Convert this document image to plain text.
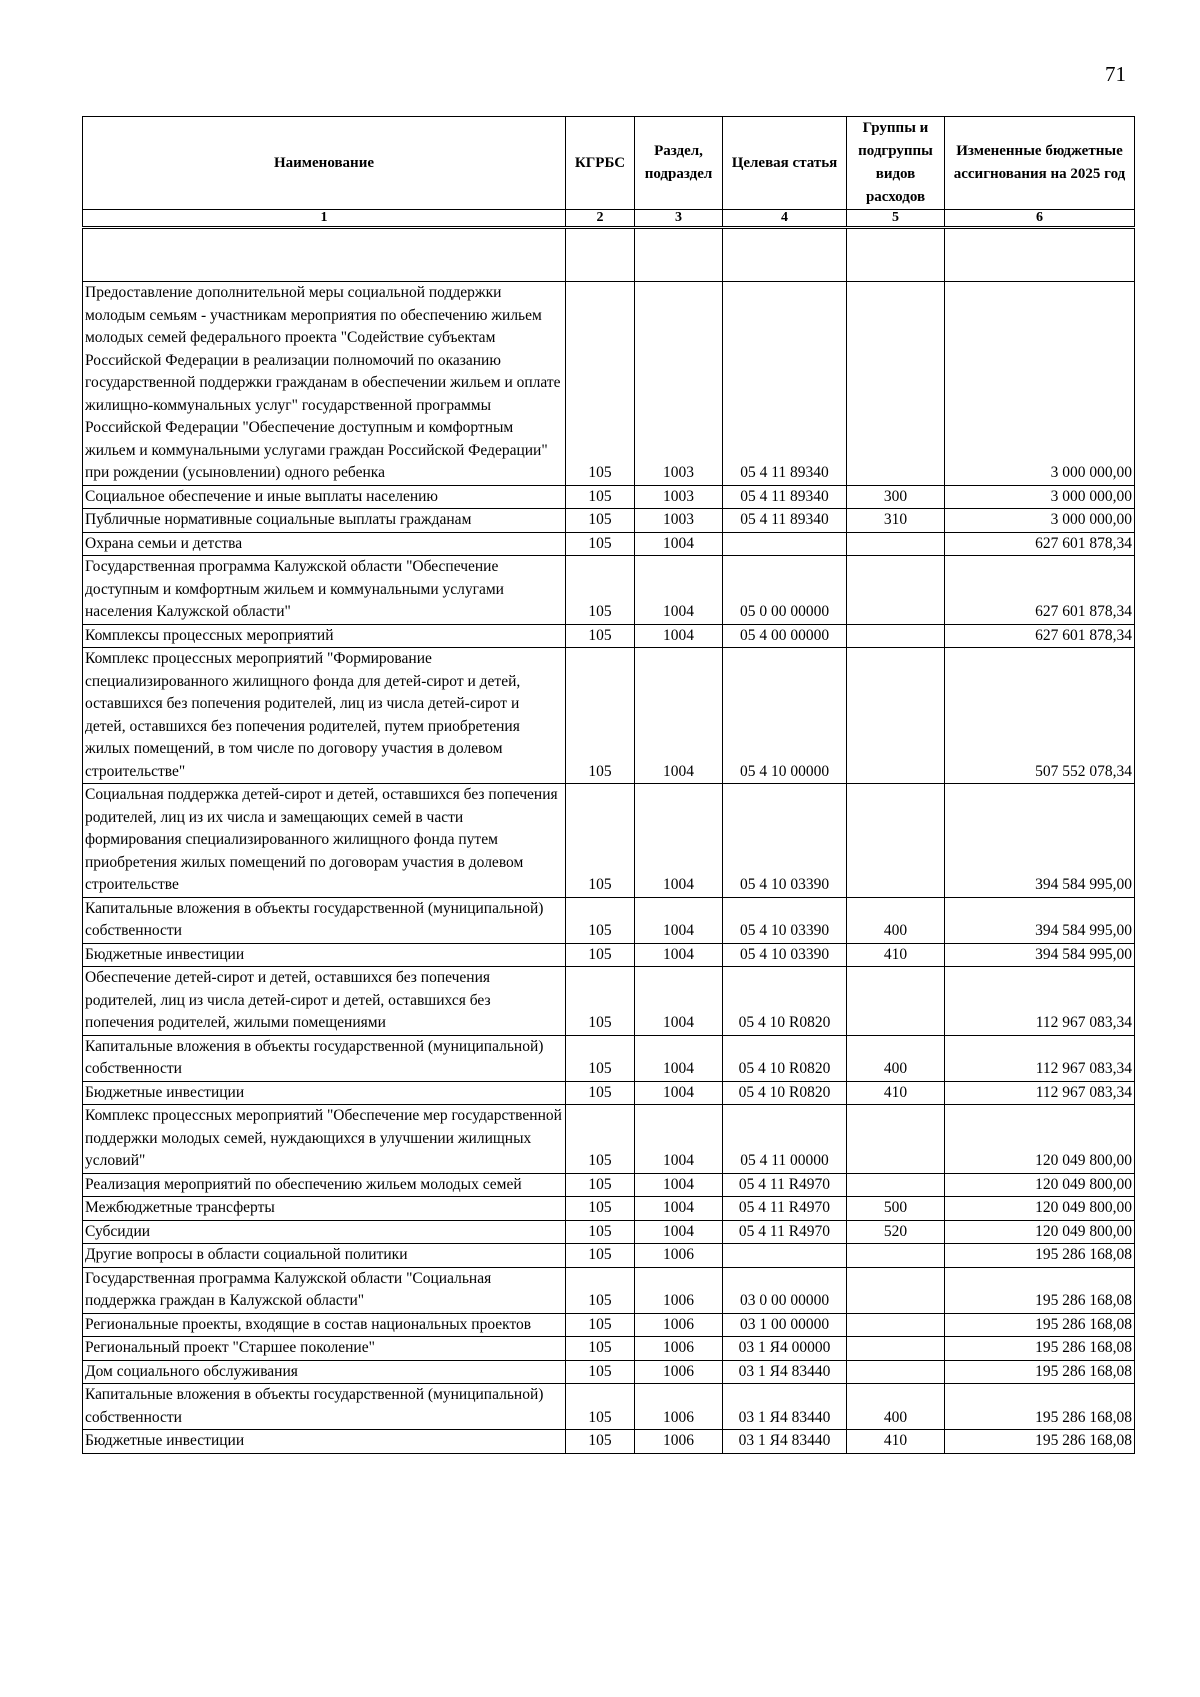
71
Наименование	КГРБС	Раздел, подраздел	Целевая статья	Группы и подгруппы видов расходов	Измененные бюджетные ассигнования на 2025 год
1	2	3	4	5	6

Предоставление дополнительной меры социальной поддержки молодым семьям - участникам мероприятия по обеспечению жильем молодых семей федерального проекта "Содействие субъектам Российской Федерации в реализации полномочий по оказанию государственной поддержки гражданам в обеспечении жильем и оплате жилищно-коммунальных услуг" государственной программы Российской Федерации "Обеспечение доступным и комфортным жильем и коммунальными услугами граждан Российской Федерации" при рождении (усыновлении) одного ребенка	105	1003	05 4 11 89340		3 000 000,00
Социальное обеспечение и иные выплаты населению	105	1003	05 4 11 89340	300	3 000 000,00
Публичные нормативные социальные выплаты гражданам	105	1003	05 4 11 89340	310	3 000 000,00
Охрана семьи и детства	105	1004			627 601 878,34
Государственная программа Калужской области "Обеспечение доступным и комфортным жильем и коммунальными услугами населения Калужской области"	105	1004	05 0 00 00000		627 601 878,34
Комплексы процессных мероприятий	105	1004	05 4 00 00000		627 601 878,34
Комплекс процессных мероприятий "Формирование специализированного жилищного фонда для детей-сирот и детей, оставшихся без попечения родителей, лиц из числа детей-сирот и детей, оставшихся без попечения родителей, путем приобретения жилых помещений, в том числе по договору участия в долевом строительстве"	105	1004	05 4 10 00000		507 552 078,34
Социальная поддержка детей-сирот и детей, оставшихся без попечения родителей, лиц из их числа и замещающих семей в части формирования специализированного жилищного фонда путем приобретения жилых помещений по договорам участия в долевом строительстве	105	1004	05 4 10 03390		394 584 995,00
Капитальные вложения в объекты государственной (муниципальной) собственности	105	1004	05 4 10 03390	400	394 584 995,00
Бюджетные инвестиции	105	1004	05 4 10 03390	410	394 584 995,00
Обеспечение детей-сирот и детей, оставшихся без попечения родителей, лиц из числа детей-сирот и детей, оставшихся без попечения родителей, жилыми помещениями	105	1004	05 4 10 R0820		112 967 083,34
Капитальные вложения в объекты государственной (муниципальной) собственности	105	1004	05 4 10 R0820	400	112 967 083,34
Бюджетные инвестиции	105	1004	05 4 10 R0820	410	112 967 083,34
Комплекс процессных мероприятий "Обеспечение мер государственной поддержки молодых семей, нуждающихся в улучшении жилищных условий"	105	1004	05 4 11 00000		120 049 800,00
Реализация мероприятий по обеспечению жильем молодых семей	105	1004	05 4 11 R4970		120 049 800,00
Межбюджетные трансферты	105	1004	05 4 11 R4970	500	120 049 800,00
Субсидии	105	1004	05 4 11 R4970	520	120 049 800,00
Другие вопросы в области социальной политики	105	1006			195 286 168,08
Государственная программа Калужской области "Социальная поддержка граждан в Калужской области"	105	1006	03 0 00 00000		195 286 168,08
Региональные проекты, входящие в состав национальных проектов	105	1006	03 1 00 00000		195 286 168,08
Региональный проект "Старшее поколение"	105	1006	03 1 Я4 00000		195 286 168,08
Дом социального обслуживания	105	1006	03 1 Я4 83440		195 286 168,08
Капитальные вложения в объекты государственной (муниципальной) собственности	105	1006	03 1 Я4 83440	400	195 286 168,08
Бюджетные инвестиции	105	1006	03 1 Я4 83440	410	195 286 168,08
